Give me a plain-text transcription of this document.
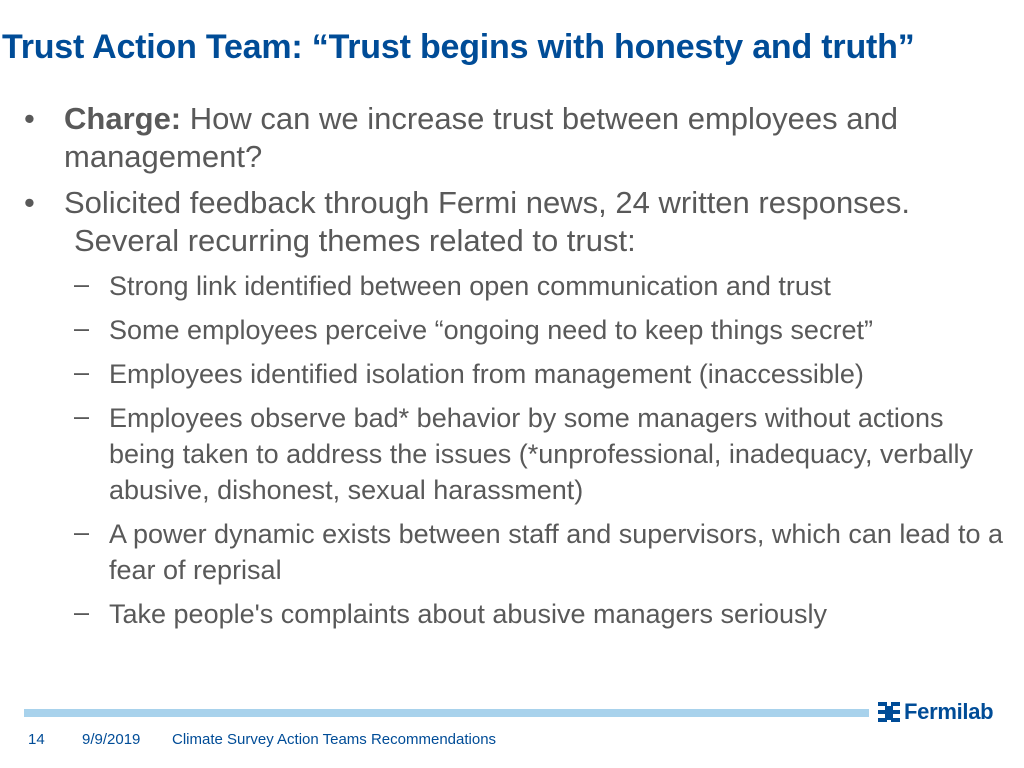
Trust Action Team: “Trust begins with honesty and truth”
• Charge: How can we increase trust between employees and management?
• Solicited feedback through Fermi news, 24 written responses.
Several recurring themes related to trust:
– Strong link identified between open communication and trust
– Some employees perceive “ongoing need to keep things secret”
– Employees identified isolation from management (inaccessible)
– Employees observe bad* behavior by some managers without actions being taken to address the issues (*unprofessional, inadequacy, verbally abusive, dishonest, sexual harassment)
– A power dynamic exists between staff and supervisors, which can lead to a fear of reprisal
– Take people's complaints about abusive managers seriously
Fermilab
14 9/9/2019 Climate Survey Action Teams Recommendations
